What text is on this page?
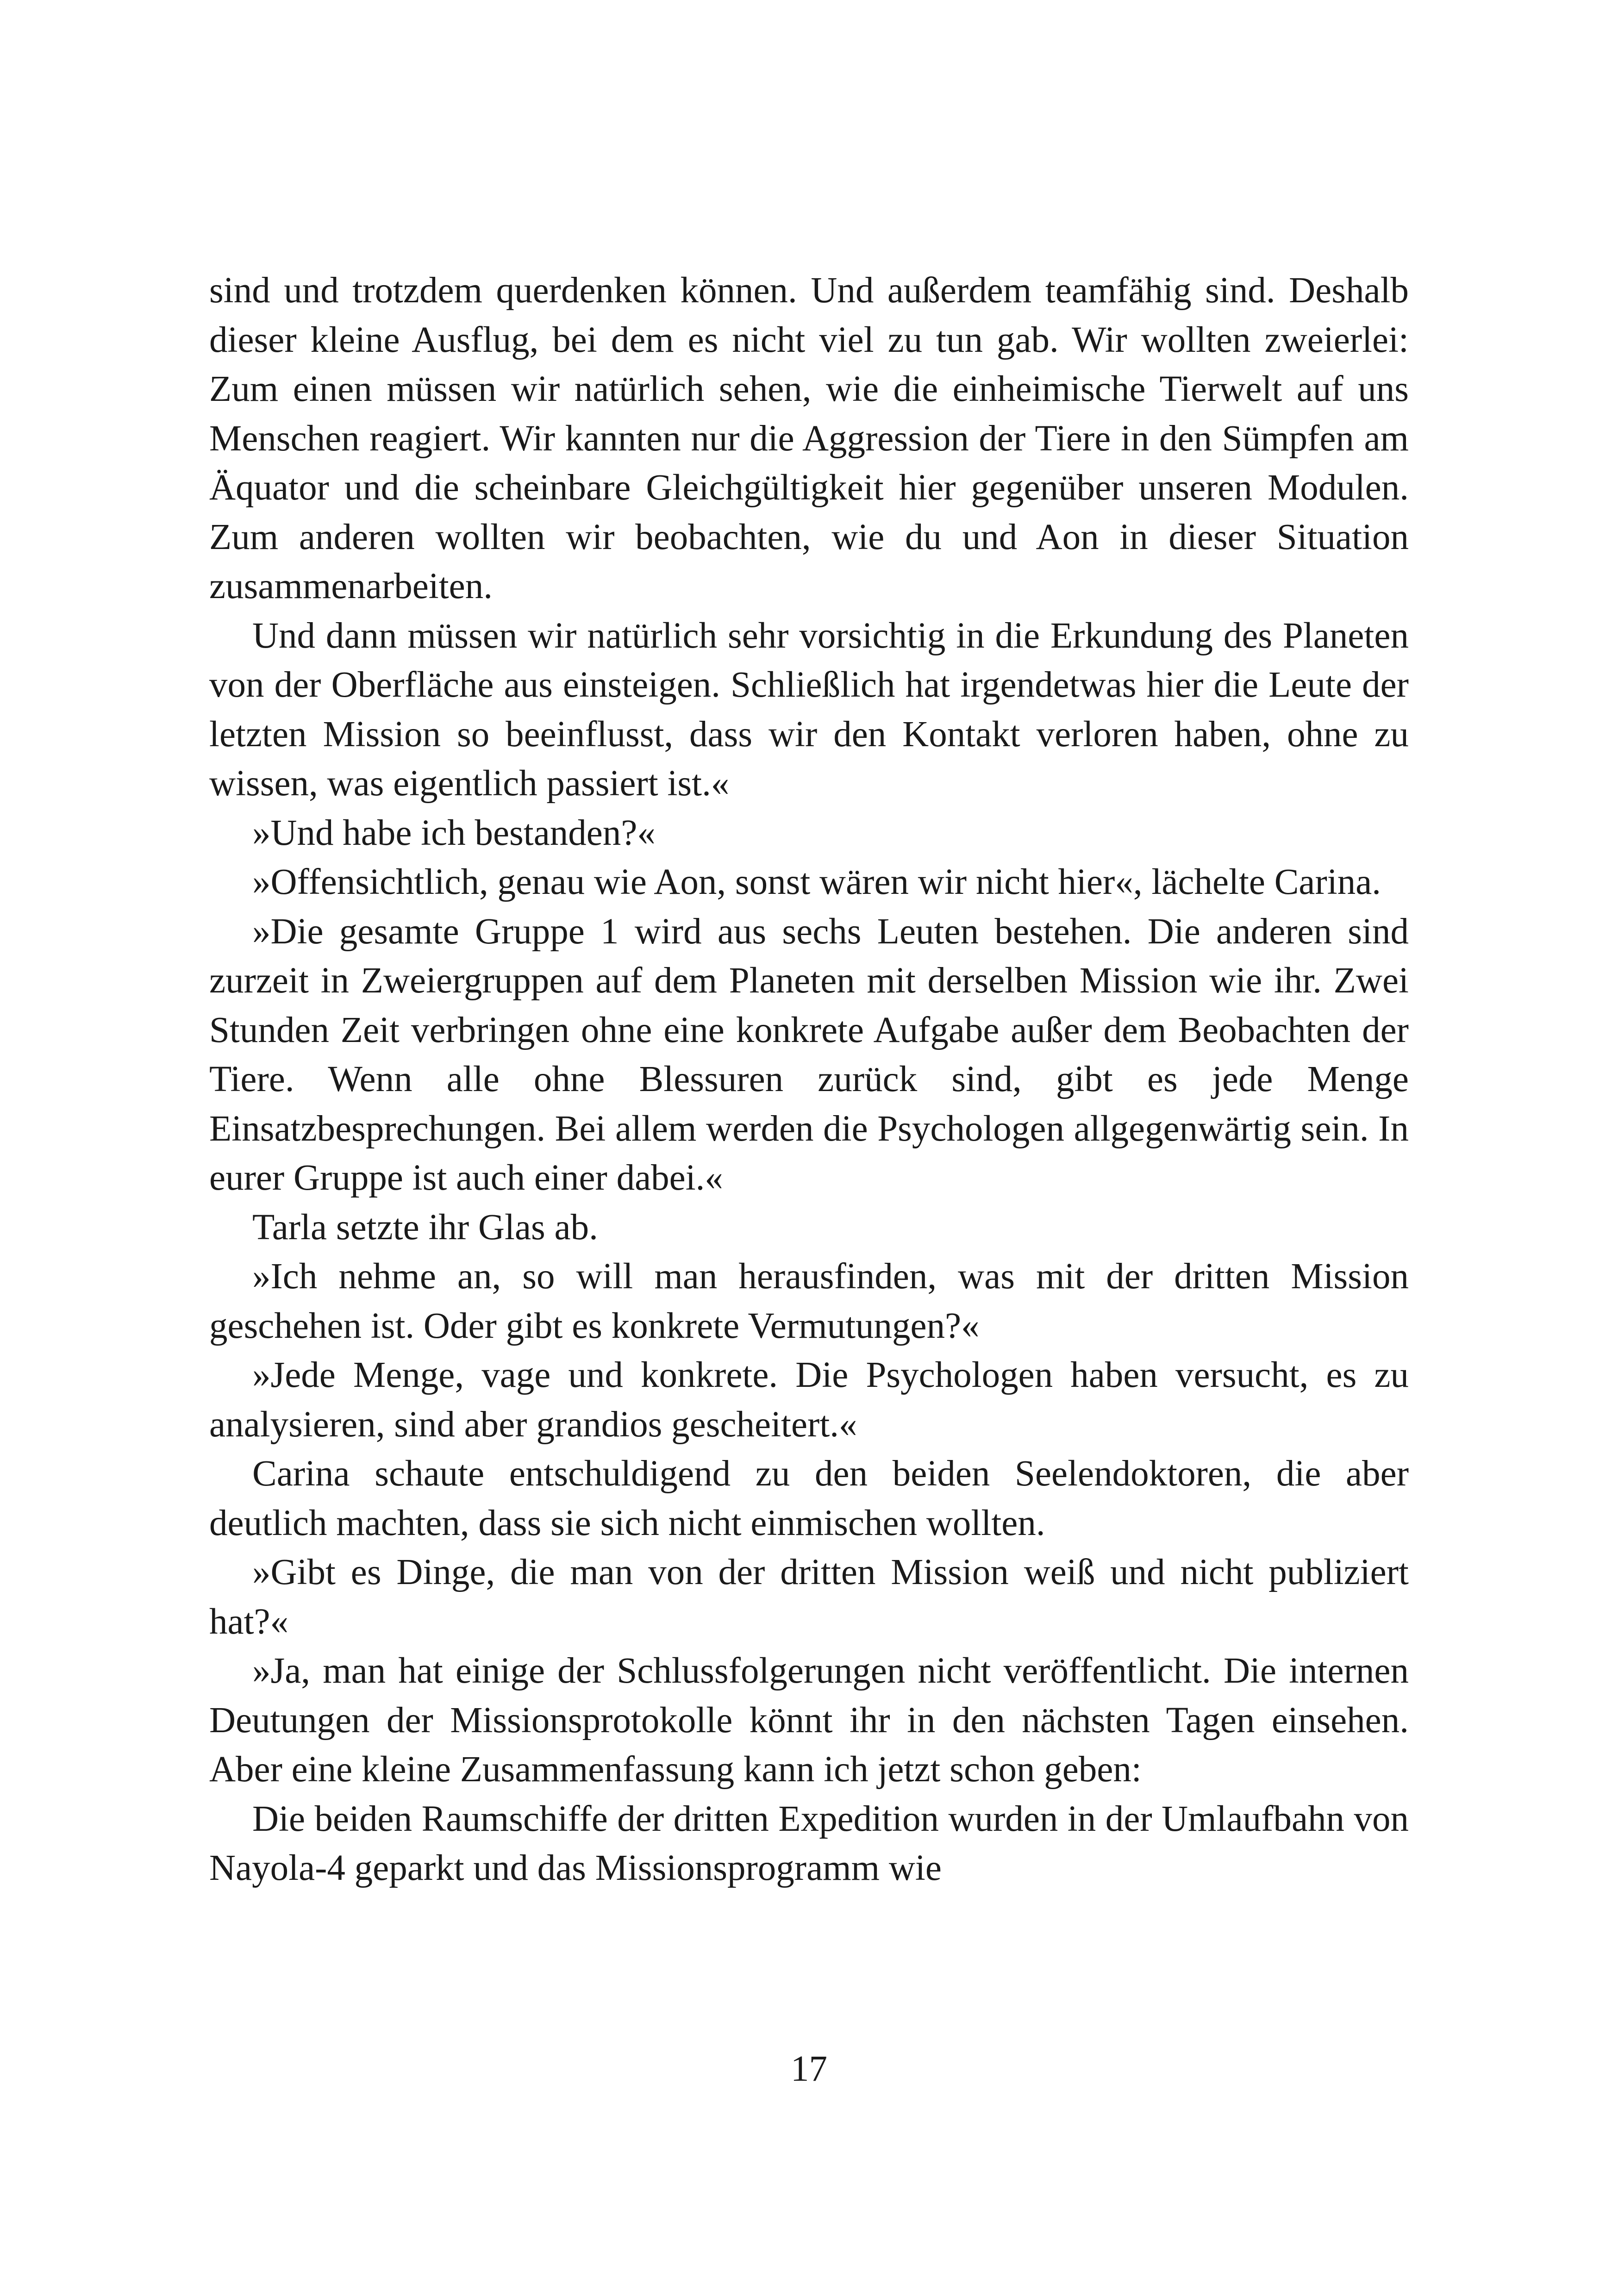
sind und trotzdem querdenken können. Und außerdem teamfähig sind. Deshalb dieser kleine Ausflug, bei dem es nicht viel zu tun gab. Wir wollten zweierlei: Zum einen müssen wir natürlich sehen, wie die einheimische Tierwelt auf uns Menschen reagiert. Wir kannten nur die Aggression der Tiere in den Sümpfen am Äquator und die scheinbare Gleichgültigkeit hier gegenüber unseren Modulen. Zum anderen wollten wir beobachten, wie du und Aon in dieser Situation zusammenarbeiten.

Und dann müssen wir natürlich sehr vorsichtig in die Erkundung des Planeten von der Oberfläche aus einsteigen. Schließlich hat irgendetwas hier die Leute der letzten Mission so beeinflusst, dass wir den Kontakt verloren haben, ohne zu wissen, was eigentlich passiert ist.«

»Und habe ich bestanden?«

»Offensichtlich, genau wie Aon, sonst wären wir nicht hier«, lächelte Carina.

»Die gesamte Gruppe 1 wird aus sechs Leuten bestehen. Die anderen sind zurzeit in Zweiergruppen auf dem Planeten mit derselben Mission wie ihr. Zwei Stunden Zeit verbringen ohne eine konkrete Aufgabe außer dem Beobachten der Tiere. Wenn alle ohne Blessuren zurück sind, gibt es jede Menge Einsatzbesprechungen. Bei allem werden die Psychologen allgegenwärtig sein. In eurer Gruppe ist auch einer dabei.«

Tarla setzte ihr Glas ab.

»Ich nehme an, so will man herausfinden, was mit der dritten Mission geschehen ist. Oder gibt es konkrete Vermutungen?«

»Jede Menge, vage und konkrete. Die Psychologen haben versucht, es zu analysieren, sind aber grandios gescheitert.«

Carina schaute entschuldigend zu den beiden Seelendoktoren, die aber deutlich machten, dass sie sich nicht einmischen wollten.

»Gibt es Dinge, die man von der dritten Mission weiß und nicht publiziert hat?«

»Ja, man hat einige der Schlussfolgerungen nicht veröffentlicht. Die internen Deutungen der Missionsprotokolle könnt ihr in den nächsten Tagen einsehen. Aber eine kleine Zusammenfassung kann ich jetzt schon geben:

Die beiden Raumschiffe der dritten Expedition wurden in der Umlaufbahn von Nayola-4 geparkt und das Missionsprogramm wie

17
